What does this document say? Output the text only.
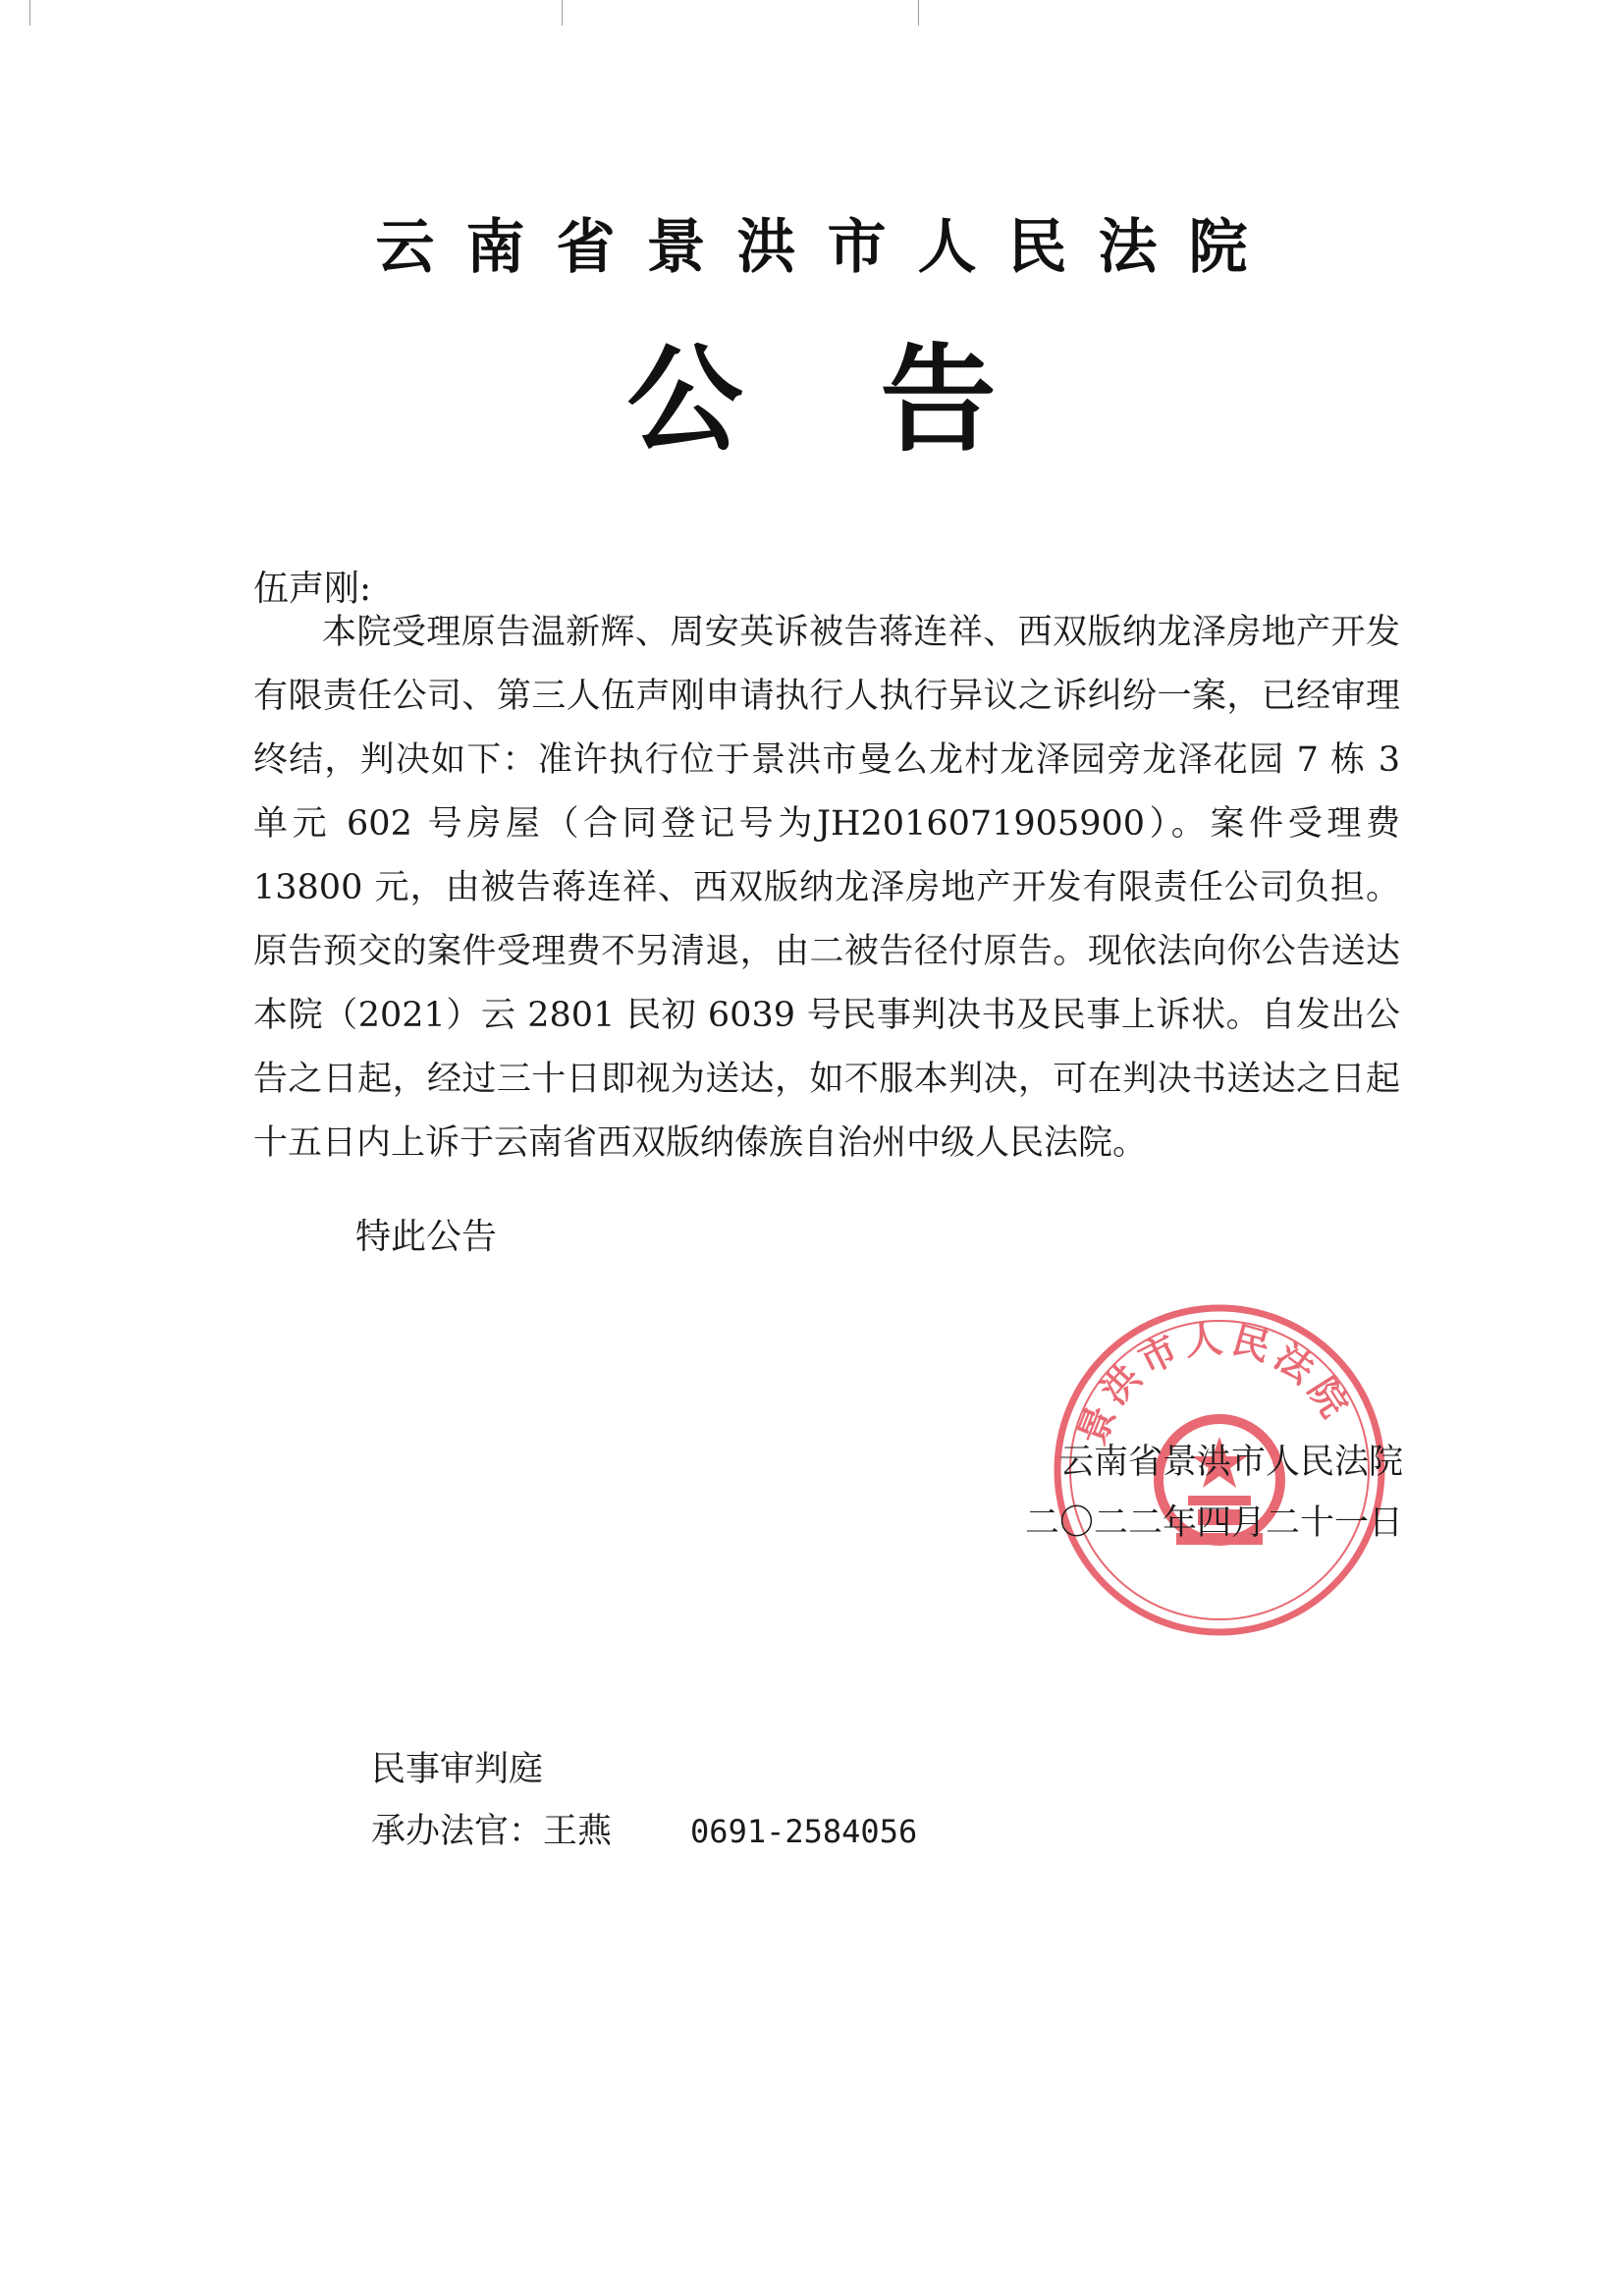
云南省景洪市人民法院
公告
伍声刚:

本院受理原告温新辉、周安英诉被告蒋连祥、西双版纳龙泽房地产开发有限责任公司、第三人伍声刚申请执行人执行异议之诉纠纷一案，已经审理终结，判决如下：准许执行位于景洪市曼么龙村龙泽园旁龙泽花园 7 栋 3 单元 602 号房屋（合同登记号为JH2016071905900）。案件受理费 13800 元，由被告蒋连祥、西双版纳龙泽房地产开发有限责任公司负担。原告预交的案件受理费不另清退，由二被告径付原告。现依法向你公告送达本院（2021）云 2801 民初 6039 号民事判决书及民事上诉状。自发出公告之日起，经过三十日即视为送达，如不服本判决，可在判决书送达之日起十五日内上诉于云南省西双版纳傣族自治州中级人民法院。

特此公告
景洪市人民法院
云南省景洪市人民法院
二〇二二年四月二十一日
民事审判庭
承办法官：王燕	0691-2584056
